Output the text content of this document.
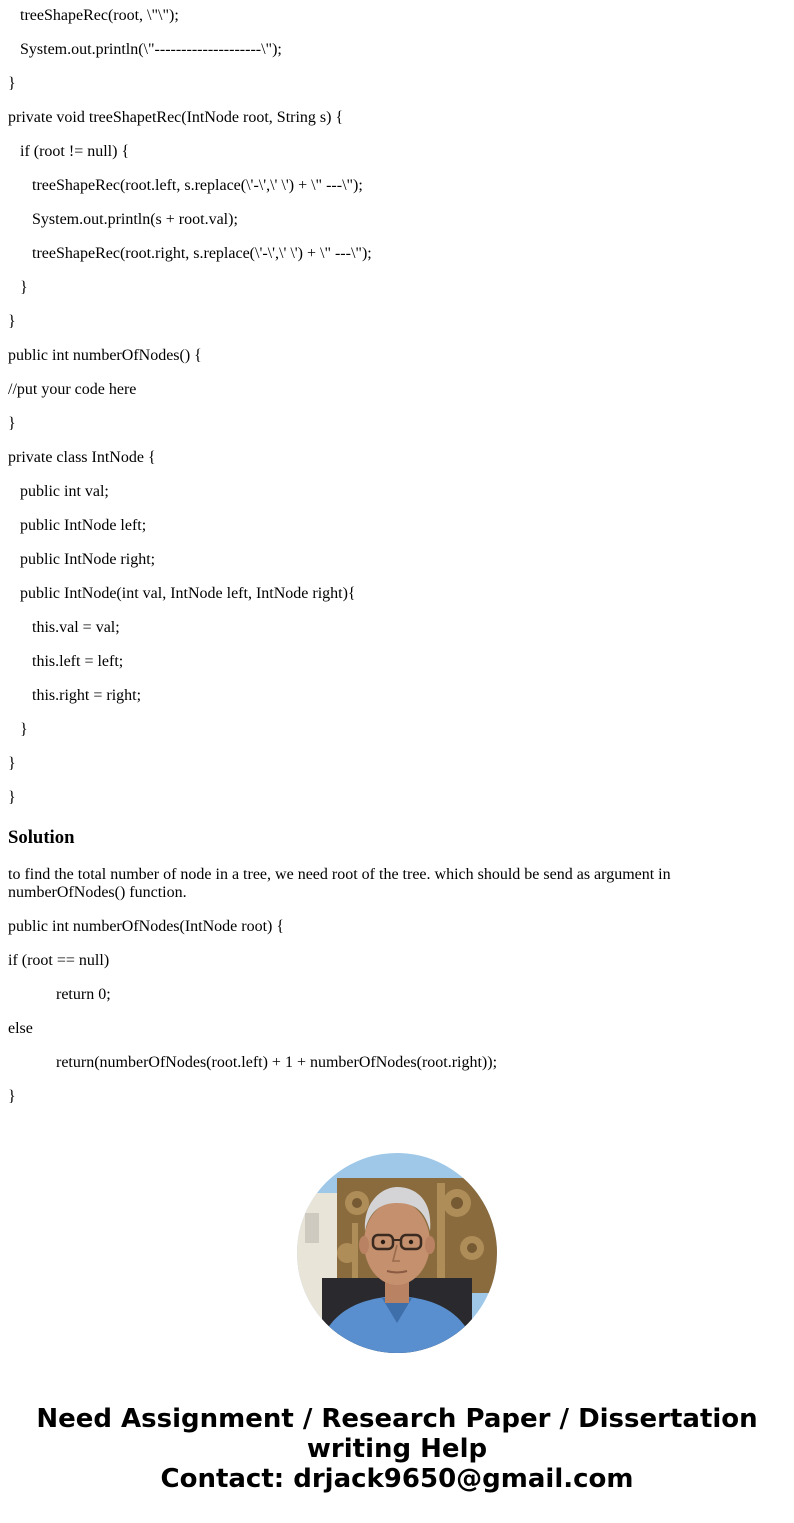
treeShapeRec(root, \"\");

System.out.println(\"--------------------\");

}

private void treeShapetRec(IntNode root, String s) {

if (root != null) {

treeShapeRec(root.left, s.replace(\'-\',\' \') + \" ---\");

System.out.println(s + root.val);

treeShapeRec(root.right, s.replace(\'-\',\' \') + \" ---\");

}

}

public int numberOfNodes() {

//put your code here

}

private class IntNode {

public int val;

public IntNode left;

public IntNode right;

public IntNode(int val, IntNode left, IntNode right){

this.val = val;

this.left = left;

this.right = right;

}

}

}

Solution

to find the total number of node in a tree, we need root of the tree. which should be send as argument in numberOfNodes() function.

public int numberOfNodes(IntNode root) {

if (root == null)

return 0;

else

return(numberOfNodes(root.left) + 1 + numberOfNodes(root.right));

}

Need Assignment / Research Paper / Dissertation
writing Help
Contact: drjack9650@gmail.com
